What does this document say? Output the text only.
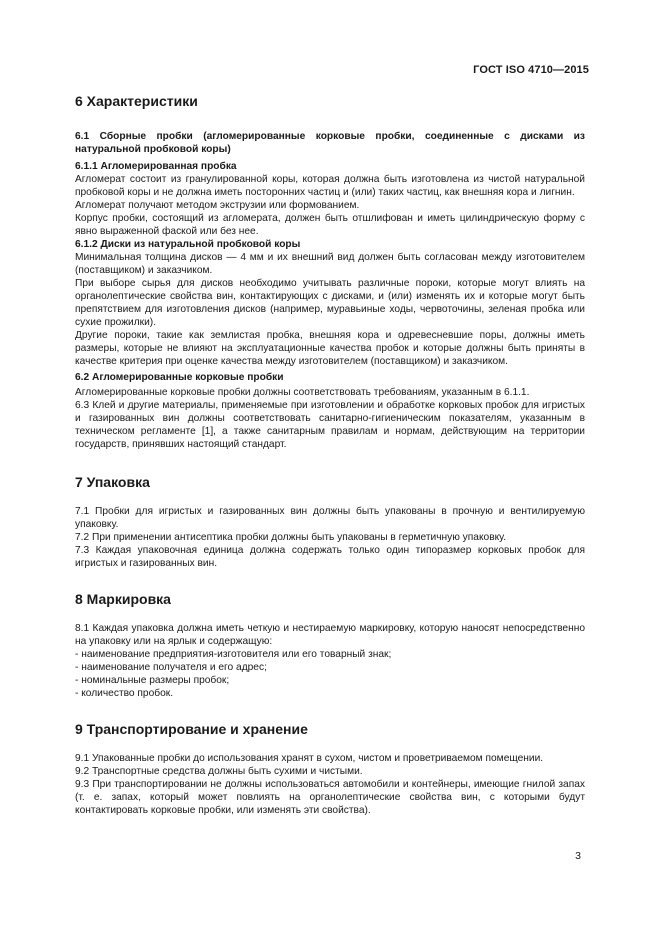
ГОСТ ISO 4710—2015
6 Характеристики

6.1 Сборные пробки (агломерированные корковые пробки, соединенные с дисками из натуральной пробковой коры)

6.1.1 Агломерированная пробка

Агломерат состоит из гранулированной коры, которая должна быть изготовлена из чистой натуральной пробковой коры и не должна иметь посторонних частиц и (или) таких частиц, как внешняя кора и лигнин.

Агломерат получают методом экструзии или формованием.

Корпус пробки, состоящий из агломерата, должен быть отшлифован и иметь цилиндрическую форму с явно выраженной фаской или без нее.

6.1.2 Диски из натуральной пробковой коры

Минимальная толщина дисков — 4 мм и их внешний вид должен быть согласован между изготовителем (поставщиком) и заказчиком.

При выборе сырья для дисков необходимо учитывать различные пороки, которые могут влиять на органолептические свойства вин, контактирующих с дисками, и (или) изменять их и которые могут быть препятствием для изготовления дисков (например, муравьиные ходы, червоточины, зеленая пробка или сухие прожилки).

Другие пороки, такие как землистая пробка, внешняя кора и одревесневшие поры, должны иметь размеры, которые не влияют на эксплуатационные качества пробок и которые должны быть приняты в качестве критерия при оценке качества между изготовителем (поставщиком) и заказчиком.

6.2 Агломерированные корковые пробки

Агломерированные корковые пробки должны соответствовать требованиям, указанным в 6.1.1.

6.3 Клей и другие материалы, применяемые при изготовлении и обработке корковых пробок для игристых и газированных вин должны соответствовать санитарно-гигиеническим показателям, указанным в техническом регламенте [1], а также санитарным правилам и нормам, действующим на территории государств, принявших настоящий стандарт.

7 Упаковка

7.1 Пробки для игристых и газированных вин должны быть упакованы в прочную и вентилируемую упаковку.

7.2 При применении антисептика пробки должны быть упакованы в герметичную упаковку.

7.3 Каждая упаковочная единица должна содержать только один типоразмер корковых пробок для игристых и газированных вин.

8 Маркировка

8.1 Каждая упаковка должна иметь четкую и нестираемую маркировку, которую наносят непосредственно на упаковку или на ярлык и содержащую:

- наименование предприятия-изготовителя или его товарный знак;
- наименование получателя и его адрес;
- номинальные размеры пробок;
- количество пробок.
9 Транспортирование и хранение

9.1 Упакованные пробки до использования хранят в сухом, чистом и проветриваемом помещении.

9.2 Транспортные средства должны быть сухими и чистыми.

9.3 При транспортировании не должны использоваться автомобили и контейнеры, имеющие гнилой запах (т. е. запах, который может повлиять на органолептические свойства вин, с которыми будут контактировать корковые пробки, или изменять эти свойства).

3
